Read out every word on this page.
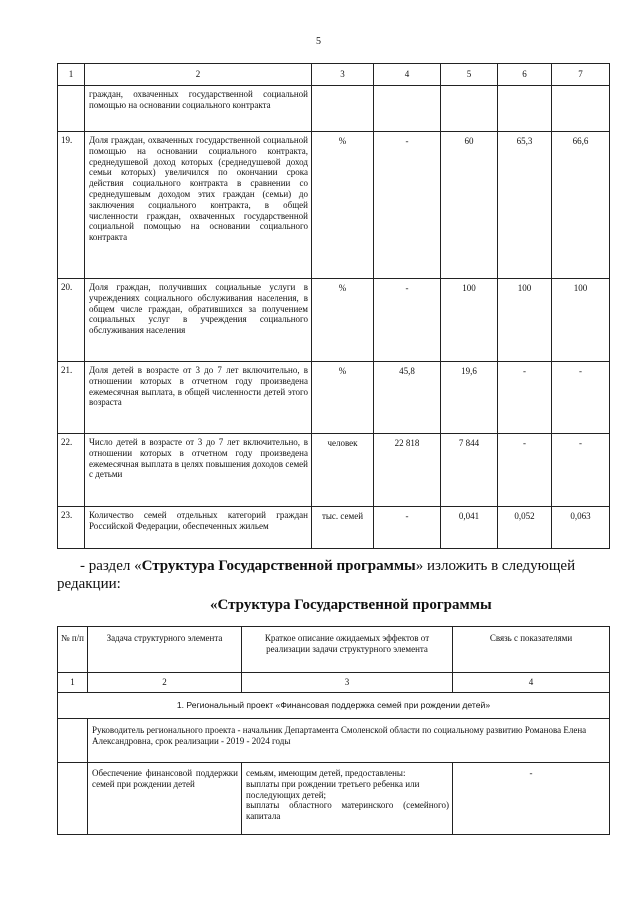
5
1	2	3	4	5	6	7
	граждан, охваченных государственной социальной помощью на основании социального контракта					
19.	Доля граждан, охваченных государственной социальной помощью на основании социального контракта, среднедушевой доход которых (среднедушевой доход семьи которых) увеличился по окончании срока действия социального контракта в сравнении со среднедушевым доходом этих граждан (семьи) до заключения социального контракта, в общей численности граждан, охваченных государственной социальной помощью на основании социального контракта	%	-	60	65,3	66,6
20.	Доля граждан, получивших социальные услуги в учреждениях социального обслуживания населения, в общем числе граждан, обратившихся за получением социальных услуг в учреждения социального обслуживания населения	%	-	100	100	100
21.	Доля детей в возрасте от 3 до 7 лет включительно, в отношении которых в отчетном году произведена ежемесячная выплата, в общей численности детей этого возраста	%	45,8	19,6	-	-
22.	Число детей в возрасте от 3 до 7 лет включительно, в отношении которых в отчетном году произведена ежемесячная выплата в целях повышения доходов семей с детьми	человек	22 818	7 844	-	-
23.	Количество семей отдельных категорий граждан Российской Федерации, обеспеченных жильем	тыс. семей	-	0,041	0,052	0,063
- раздел «Структура Государственной программы» изложить в следующей
редакции:
«Структура Государственной программы
№ п/п	Задача структурного элемента	Краткое описание ожидаемых эффектов от реализации задачи структурного элемента	Связь с показателями
1	2	3	4
1. Региональный проект «Финансовая поддержка семей при рождении детей»			
	Руководитель регионального проекта - начальник Департамента Смоленской области по социальному развитию Романова Елена Александровна, срок реализации - 2019 - 2024 годы		
	Обеспечение финансовой поддержки семей при рождении детей	семьям, имеющим детей, предоставлены:
выплаты при рождении третьего ребенка или последующих детей;
выплаты областного материнского (семейного) капитала	-
